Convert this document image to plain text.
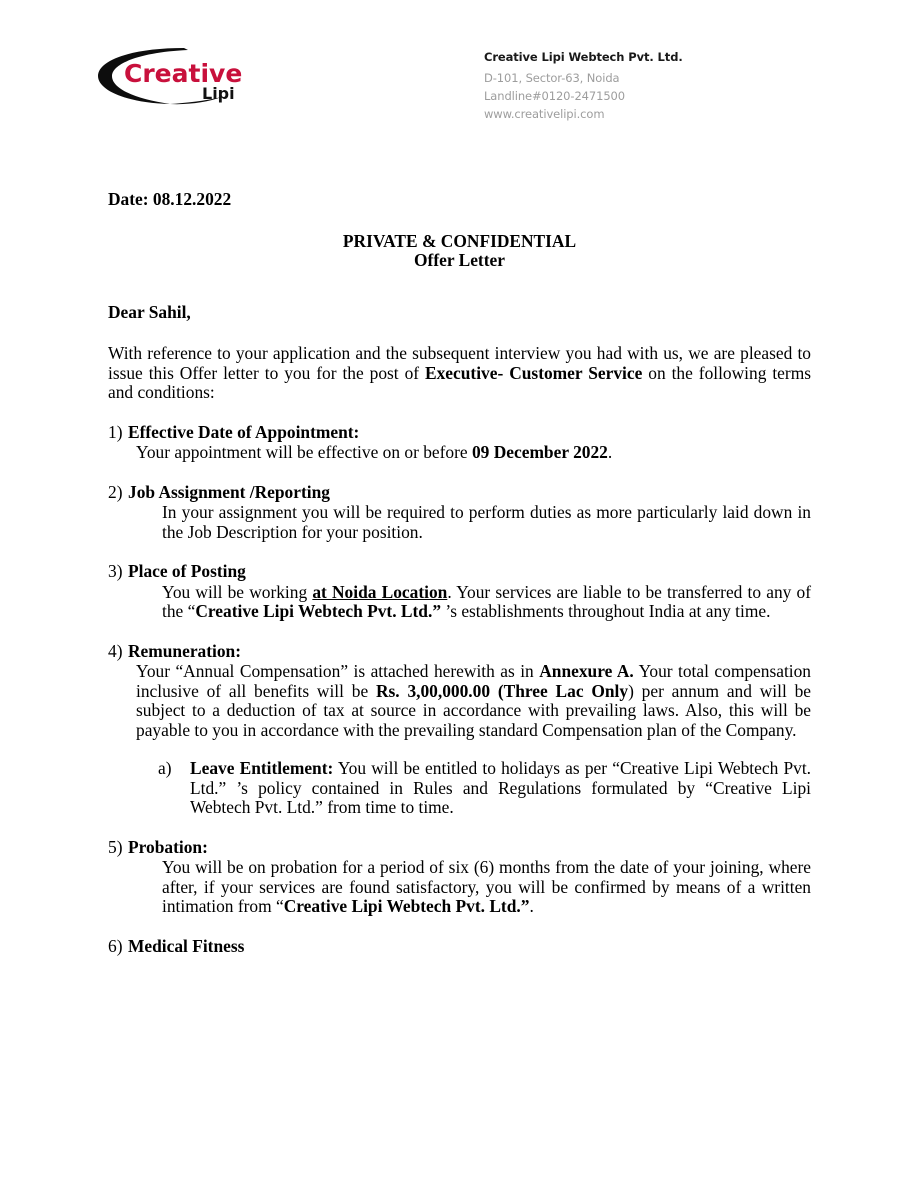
Creative
Lipi
Creative Lipi Webtech Pvt. Ltd.
D-101, Sector-63, Noida
Landline#0120-2471500
www.creativelipi.com
Date: 08.12.2022
PRIVATE & CONFIDENTIAL
Offer Letter
Dear Sahil,

With reference to your application and the subsequent interview you had with us, we are pleased to issue this Offer letter to you for the post of Executive- Customer Service on the following terms and conditions:

1) Effective Date of Appointment:
Your appointment will be effective on or before 09 December 2022.
2) Job Assignment /Reporting
In your assignment you will be required to perform duties as more particularly laid down in the Job Description for your position.
3) Place of Posting
You will be working at Noida Location. Your services are liable to be transferred to any of the “Creative Lipi Webtech Pvt. Ltd.” ’s establishments throughout India at any time.
4) Remuneration:
Your “Annual Compensation” is attached herewith as in Annexure A. Your total compensation inclusive of all benefits will be Rs. 3,00,000.00 (Three Lac Only) per annum and will be subject to a deduction of tax at source in accordance with prevailing laws. Also, this will be payable to you in accordance with the prevailing standard Compensation plan of the Company.
a) Leave Entitlement: You will be entitled to holidays as per “Creative Lipi Webtech Pvt. Ltd.” ’s policy contained in Rules and Regulations formulated by “Creative Lipi Webtech Pvt. Ltd.” from time to time.
5) Probation:
You will be on probation for a period of six (6) months from the date of your joining, where after, if your services are found satisfactory, you will be confirmed by means of a written intimation from “Creative Lipi Webtech Pvt. Ltd.”.
6) Medical Fitness
